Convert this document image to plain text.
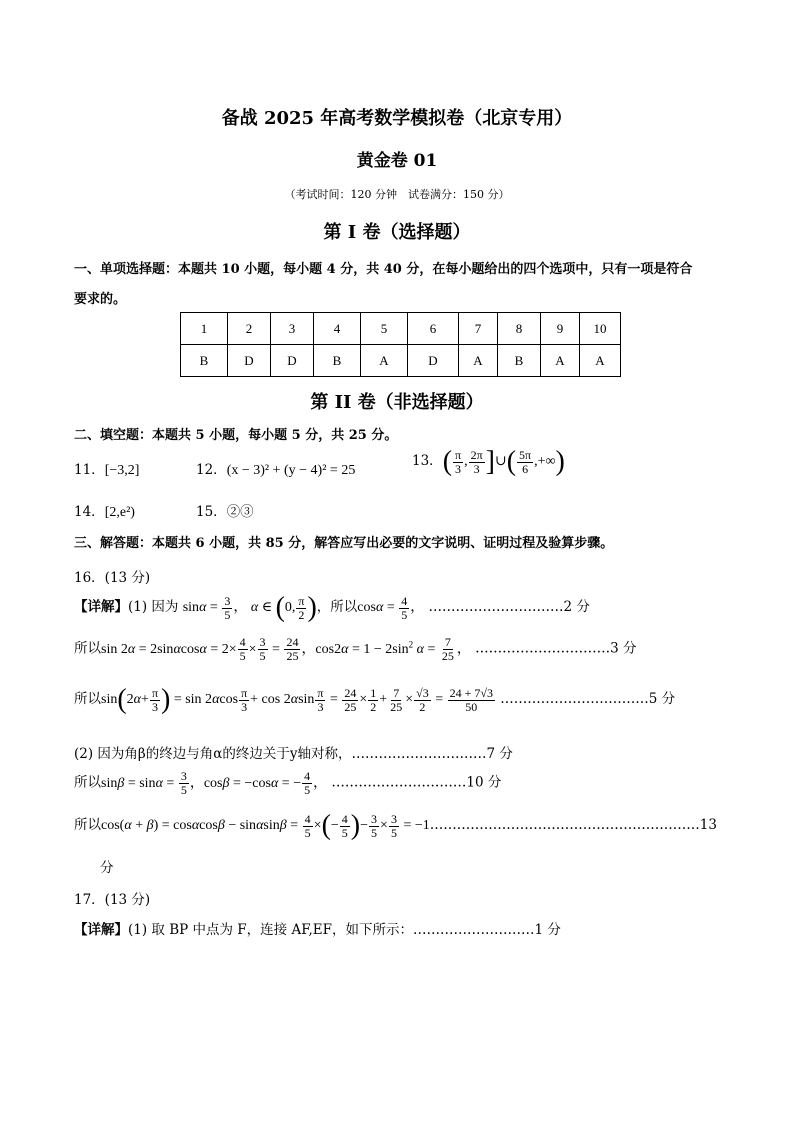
备战 2025 年高考数学模拟卷（北京专用）
黄金卷 01
（考试时间：120 分钟　试卷满分：150 分）
第 I 卷（选择题）
一、单项选择题：本题共 10 小题，每小题 4 分，共 40 分，在每小题给出的四个选项中，只有一项是符合
要求的。
1	2	3	4	5	6	7	8	9	10
B	D	D	B	A	D	A	B	A	A
第 II 卷（非选择题）
二、填空题：本题共 5 小题，每小题 5 分，共 25 分。
11．[−3,2]	12．(x − 3)² + (y − 4)² = 25
13．( $\frac{\pi}{3}$ , $\frac{2\pi}{3}$ ]∪( $\frac{5\pi}{6}$ ,+∞)
14．[2,e²)	15．②③
三、解答题：本题共 6 小题，共 85 分，解答应写出必要的文字说明、证明过程及验算步骤。
16．(13 分)
【详解】(1) 因为 $\sin\alpha = \frac{3}{5}$ ， α ∈ (0, $\frac{\pi}{2}$ )，所以$\cos\alpha = \frac{4}{5}$ ， …………………………2 分
所以$\sin 2\alpha = 2\sin\alpha\cos\alpha = 2\times \frac{4}{5} \times \frac{3}{5} = \frac{24}{25}$ ，$\cos 2\alpha = 1 - 2\sin^2$ $\alpha = \frac{7}{25}$ ， …………………………3 分
所以$\sin(2\alpha+ \frac{\pi}{3}$ ) = $\sin 2\alpha\cos \frac{\pi}{3} + \cos 2\alpha\sin \frac{\pi}{3} = \frac{24}{25} \times \frac{1}{2} + \frac{7}{25} \times \frac{√3}{2} = \frac{24 + 7√3}{50}$ ……………………………5 分
(2) 因为角β的终边与角α的终边关于y轴对称，…………………………7 分
所以$\sin\beta = \sin\alpha = \frac{3}{5}$ ，cosβ = −cosα = − $\frac{4}{5}$ ， …………………………10 分
所以$\cos(\alpha + \beta) = \cos\alpha\cos\beta - \sin\alpha\sin\beta = \frac{4}{5}$ ×(− $\frac{4}{5}$ )− $\frac{3}{5} \times \frac{3}{5}$ = −1……………………………………………………13
分
17．(13 分)
【详解】(1) 取 BP 中点为 F，连接 AF,EF，如下所示：………………………1 分
